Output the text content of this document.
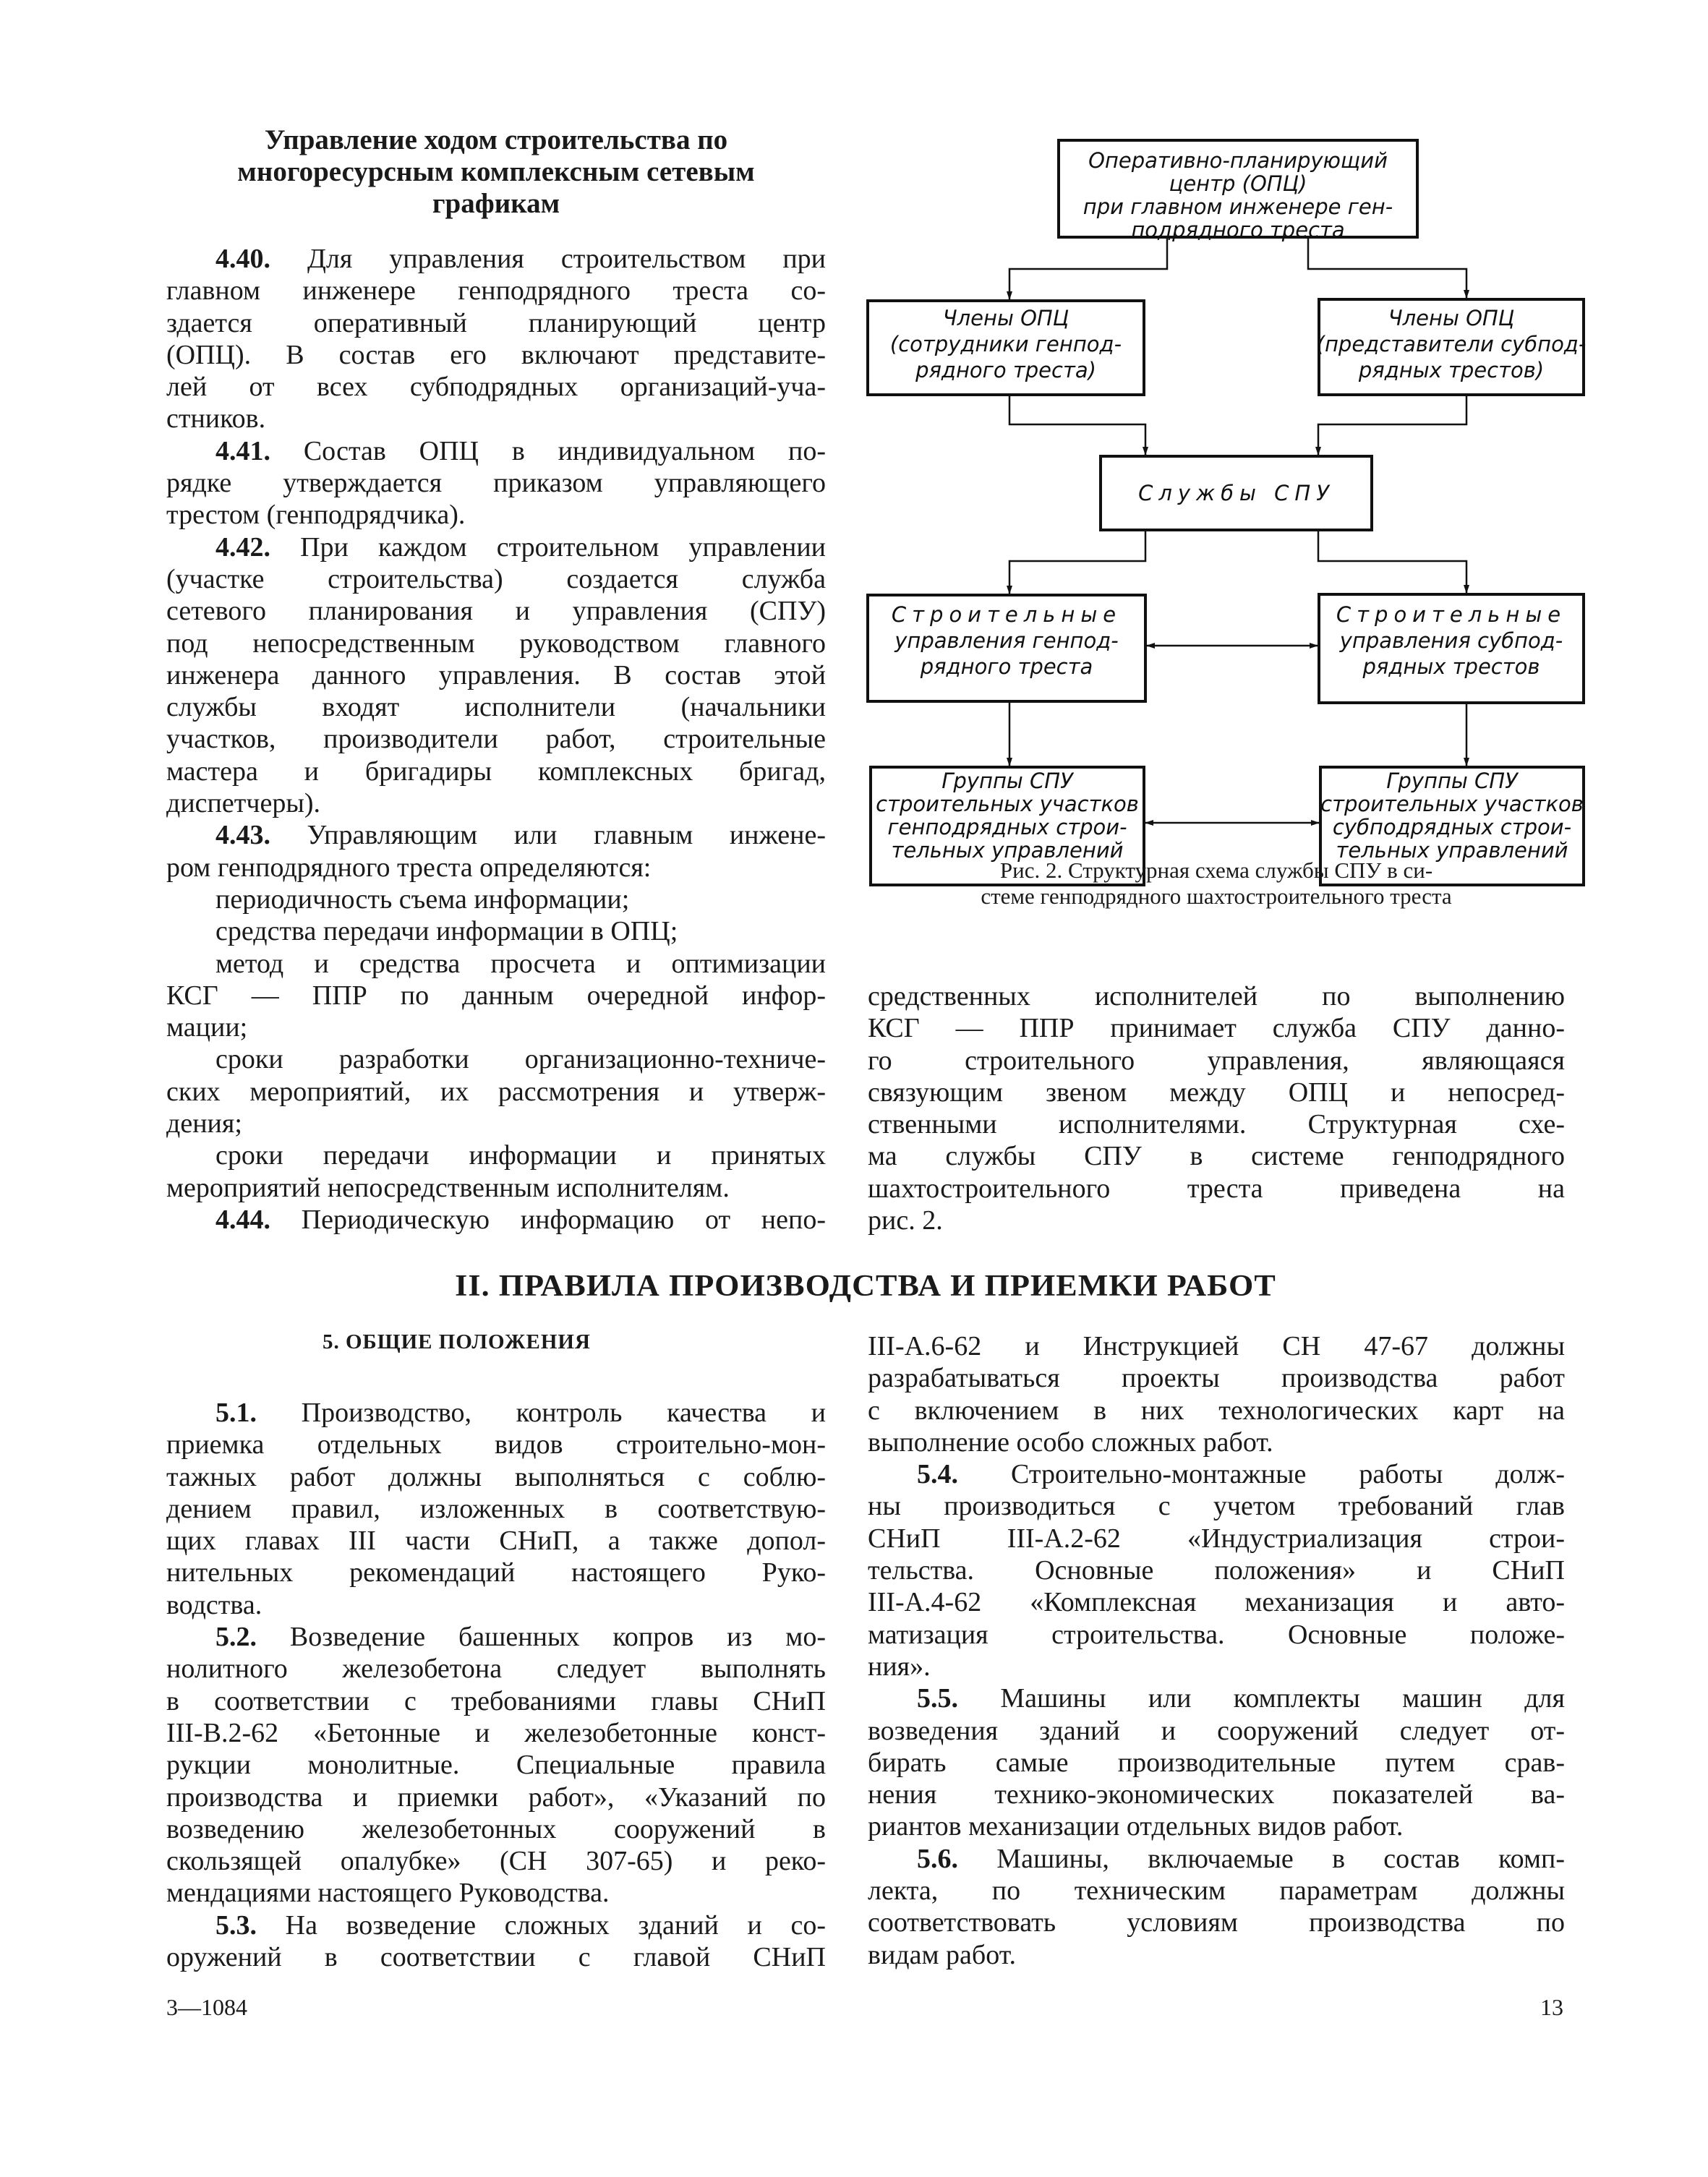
Управление ходом строительства по
многоресурсным комплексным сетевым
графикам
4.40. Для управления строительством при
главном инженере генподрядного треста со-
здается оперативный планирующий центр
(ОПЦ). В состав его включают представите-
лей от всех субподрядных организаций-уча-
стников.
4.41. Состав ОПЦ в индивидуальном по-
рядке утверждается приказом управляющего
трестом (генподрядчика).
4.42. При каждом строительном управлении
(участке строительства) создается служба
сетевого планирования и управления (СПУ)
под непосредственным руководством главного
инженера данного управления. В состав этой
службы входят исполнители (начальники
участков, производители работ, строительные
мастера и бригадиры комплексных бригад,
диспетчеры).
4.43. Управляющим или главным инжене-
ром генподрядного треста определяются:
периодичность съема информации;
средства передачи информации в ОПЦ;
метод и средства просчета и оптимизации
КСГ — ППР по данным очередной инфор-
мации;
сроки разработки организационно-техниче-
ских мероприятий, их рассмотрения и утверж-
дения;
сроки передачи информации и принятых
мероприятий непосредственным исполнителям.
4.44. Периодическую информацию от непо-
средственных исполнителей по выполнению
КСГ — ППР принимает служба СПУ данно-
го строительного управления, являющаяся
связующим звеном между ОПЦ и непосред-
ственными исполнителями. Структурная схе-
ма службы СПУ в системе генподрядного
шахтостроительного треста приведена на
рис. 2.
Оперативно-планирующий
центр (ОПЦ)
при главном инженере ген-
подрядного треста
Члены ОПЦ
(сотрудники генпод-
рядного треста)
Члены ОПЦ
(представители субпод-
рядных трестов)
Службы СПУ
Строительные
управления генпод-
рядного треста
Строительные
управления субпод-
рядных трестов
Группы СПУ
строительных участков
генподрядных строи-
тельных управлений
Группы СПУ
строительных участков
субподрядных строи-
тельных управлений
Рис. 2. Структурная схема службы СПУ в си-
стеме генподрядного шахтостроительного треста
II. ПРАВИЛА ПРОИЗВОДСТВА И ПРИЕМКИ РАБОТ
5. ОБЩИЕ ПОЛОЖЕНИЯ
5.1. Производство, контроль качества и
приемка отдельных видов строительно-мон-
тажных работ должны выполняться с соблю-
дением правил, изложенных в соответствую-
щих главах III части СНиП, а также допол-
нительных рекомендаций настоящего Руко-
водства.
5.2. Возведение башенных копров из мо-
нолитного железобетона следует выполнять
в соответствии с требованиями главы СНиП
III-В.2-62 «Бетонные и железобетонные конст-
рукции монолитные. Специальные правила
производства и приемки работ», «Указаний по
возведению железобетонных сооружений в
скользящей опалубке» (СН 307-65) и реко-
мендациями настоящего Руководства.
5.3. На возведение сложных зданий и со-
оружений в соответствии с главой СНиП
III-А.6-62 и Инструкцией СН 47-67 должны
разрабатываться проекты производства работ
с включением в них технологических карт на
выполнение особо сложных работ.
5.4. Строительно-монтажные работы долж-
ны производиться с учетом требований глав
СНиП III-А.2-62 «Индустриализация строи-
тельства. Основные положения» и СНиП
III-А.4-62 «Комплексная механизация и авто-
матизация строительства. Основные положе-
ния».
5.5. Машины или комплекты машин для
возведения зданий и сооружений следует от-
бирать самые производительные путем срав-
нения технико-экономических показателей ва-
риантов механизации отдельных видов работ.
5.6. Машины, включаемые в состав комп-
лекта, по техническим параметрам должны
соответствовать условиям производства по
видам работ.
3—1084	13
